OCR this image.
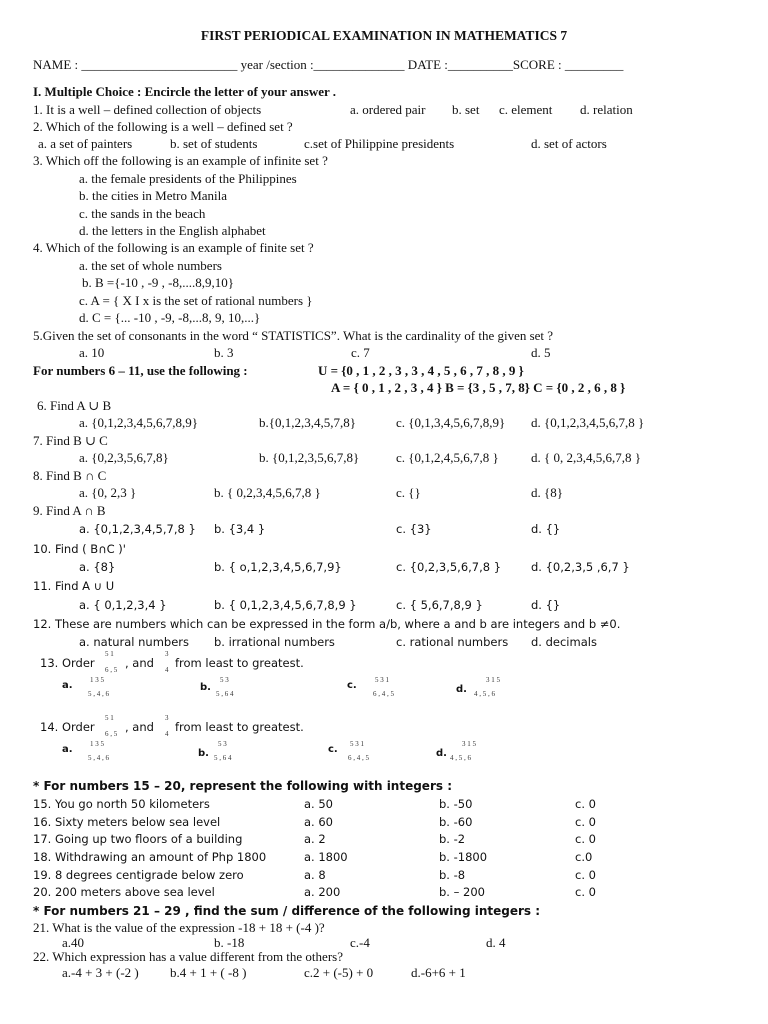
FIRST PERIODICAL EXAMINATION IN MATHEMATICS 7
NAME : ________________________ year /section :______________ DATE :__________SCORE : _________
I. Multiple Choice : Encircle the letter of your answer .
1. It is a well – defined collection of objects	a. ordered pair b. set c. element d. relation
2. Which of the following is a well – defined set ?
a. a set of painters	b. set of students	c.set of Philippine presidents	d. set of actors
3. Which off the following is an example of infinite set ?
a. the female presidents of the Philippines
b. the cities in Metro Manila
c. the sands in the beach
d. the letters in the English alphabet
4. Which of the following is an example of finite set ?
a. the set of whole numbers
b. B ={-10 , -9 , -8,....8,9,10}
c. A = { X I x is the set of rational numbers }
d. C = {... -10 , -9, -8,...8, 9, 10,...}
5.Given the set of consonants in the word “ STATISTICS”. What is the cardinality of the given set ?
a. 10	b. 3	c. 7	d. 5
For numbers 6 – 11, use the following :	U = {0 , 1 , 2 , 3 , 3 , 4 , 5 , 6 , 7 , 8 , 9 }
A = { 0 , 1 , 2 , 3 , 4 } B = {3 , 5 , 7, 8} C = {0 , 2 , 6 , 8 }
6. Find A ∪ B
a. {0,1,2,3,4,5,6,7,8,9}	b.{0,1,2,3,4,5,7,8}	c. {0,1,3,4,5,6,7,8,9} d. {0,1,2,3,4,5,6,7,8 }
7. Find B ∪ C
a. {0,2,3,5,6,7,8}	b. {0,1,2,3,5,6,7,8}	c. {0,1,2,4,5,6,7,8 } d. { 0, 2,3,4,5,6,7,8 }
8. Find B ∩ C
a. {0, 2,3 }	b. { 0,2,3,4,5,6,7,8 }	c. {}	d. {8}
9. Find A ∩ B
a. {0,1,2,3,4,5,7,8 } b. {3,4 }	c. {3}	d. {}
10. Find ( B∩C )'
a. {8}	b. { o,1,2,3,4,5,6,7,9}	c. {0,2,3,5,6,7,8 }	d. {0,2,3,5 ,6,7 }
11. Find A ∪ U
a. { 0,1,2,3,4 }	b. { 0,1,2,3,4,5,6,7,8,9 }	c. { 5,6,7,8,9 }	d. {}
12. These are numbers which can be expressed in the form a/b, where a and b are integers and b ≠0.
a. natural numbers b. irrational numbers	c. rational numbers d. decimals
13. Order
5 1
6 , 5 , and
3
4 from least to greatest.
a. 1 3 5
5 , 4 , 6
b.
5 3
5 , 6 4
c.	5 3 1
6 , 4 , 5	d.
3 1 5
4 , 5 , 6
14. Order
5 1
6 , 5 , and
3
4 from least to greatest.
a. 1 3 5
5 , 4 , 6	b.
5 3
5 , 6 4
c. 5 3 1
6 , 4 , 5	d.
3 1 5
4 , 5 , 6
* For numbers 15 – 20, represent the following with integers :
15. You go north 50 kilometers	a. 50	b. -50	c. 0
16. Sixty meters below sea level	a. 60	b. -60	c. 0
17. Going up two floors of a building	a. 2	b. -2	c. 0
18. Withdrawing an amount of Php 1800	a. 1800	b. -1800	c.0
19. 8 degrees centigrade below zero	a. 8	b. -8	c. 0
20. 200 meters above sea level	a. 200	b. – 200	c. 0
* For numbers 21 – 29 , find the sum / difference of the following integers :
21. What is the value of the expression -18 + 18 + (-4 )?
a.40	b. -18	c.-4	d. 4
22. Which expression has a value different from the others?
a.-4 + 3 + (-2 ) b.4 + 1 + ( -8 )	c.2 + (-5) + 0	d.-6+6 + 1
